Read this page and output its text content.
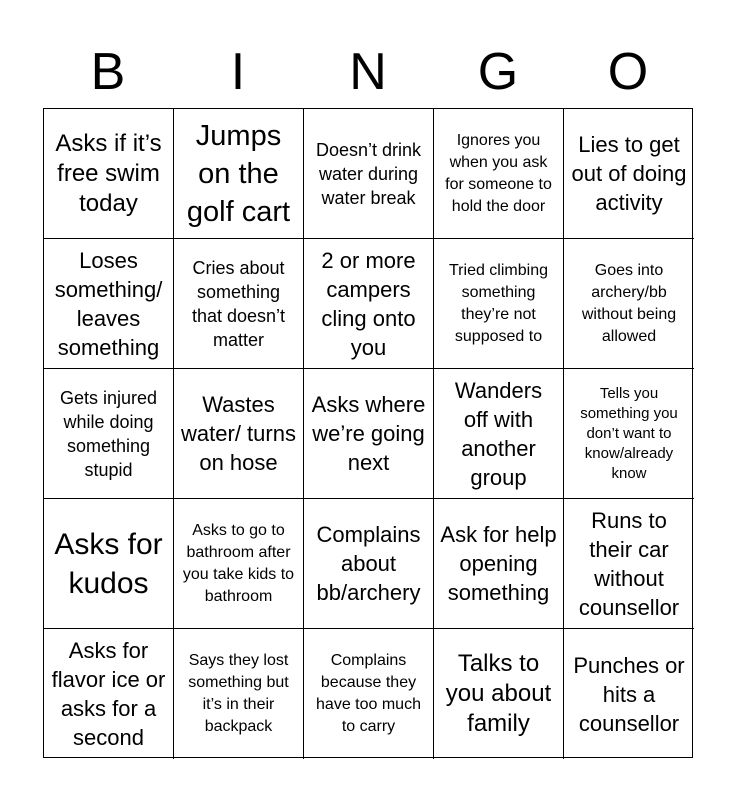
B	I	N	G	O
Asks if it’s free swim today
Jumps on the golf cart
Doesn’t drink water during water break
Ignores you when you ask for someone to hold the door
Lies to get out of doing activity
Loses something/ leaves something
Cries about something that doesn’t matter
2 or more campers cling onto you
Tried climbing something they’re not supposed to
Goes into archery/bb without being allowed
Gets injured while doing something stupid
Wastes water/ turns on hose
Asks where we’re going next
Wanders off with another group
Tells you something you don’t want to know/already know
Asks for kudos
Asks to go to bathroom after you take kids to bathroom
Complains about bb/archery
Ask for help opening something
Runs to their car without counsellor
Asks for flavor ice or asks for a second
Says they lost something but it’s in their backpack
Complains because they have too much to carry
Talks to you about family
Punches or hits a counsellor
